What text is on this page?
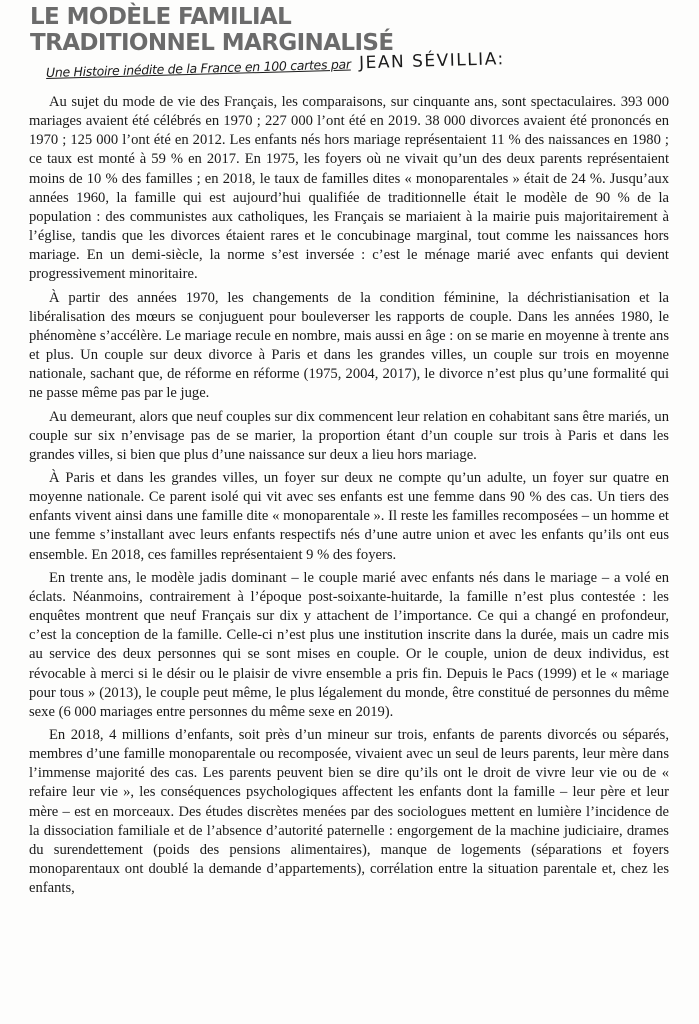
LE MODÈLE FAMILIAL
TRADITIONNEL MARGINALISÉ
Une Histoire inédite de la France en 100 cartes par JEAN SÉVILLIA:

Au sujet du mode de vie des Français, les comparaisons, sur cinquante ans, sont spectaculaires. 393 000 mariages avaient été célébrés en 1970 ; 227 000 l’ont été en 2019. 38 000 divorces avaient été prononcés en 1970 ; 125 000 l’ont été en 2012. Les enfants nés hors mariage représentaient 11 % des naissances en 1980 ; ce taux est monté à 59 % en 2017. En 1975, les foyers où ne vivait qu’un des deux parents représentaient moins de 10 % des familles ; en 2018, le taux de familles dites « monoparentales » était de 24 %. Jusqu’aux années 1960, la famille qui est aujourd’hui qualifiée de traditionnelle était le modèle de 90 % de la population : des communistes aux catholiques, les Français se mariaient à la mairie puis majoritairement à l’église, tandis que les divorces étaient rares et le concubinage marginal, tout comme les naissances hors mariage. En un demi-siècle, la norme s’est inversée : c’est le ménage marié avec enfants qui devient progressivement minoritaire.

À partir des années 1970, les changements de la condition féminine, la déchristianisation et la libéralisation des mœurs se conjuguent pour bouleverser les rapports de couple. Dans les années 1980, le phénomène s’accélère. Le mariage recule en nombre, mais aussi en âge : on se marie en moyenne à trente ans et plus. Un couple sur deux divorce à Paris et dans les grandes villes, un couple sur trois en moyenne nationale, sachant que, de réforme en réforme (1975, 2004, 2017), le divorce n’est plus qu’une formalité qui ne passe même pas par le juge.

Au demeurant, alors que neuf couples sur dix commencent leur relation en cohabitant sans être mariés, un couple sur six n’envisage pas de se marier, la proportion étant d’un couple sur trois à Paris et dans les grandes villes, si bien que plus d’une naissance sur deux a lieu hors mariage.

À Paris et dans les grandes villes, un foyer sur deux ne compte qu’un adulte, un foyer sur quatre en moyenne nationale. Ce parent isolé qui vit avec ses enfants est une femme dans 90 % des cas. Un tiers des enfants vivent ainsi dans une famille dite « monoparentale ». Il reste les familles recomposées – un homme et une femme s’installant avec leurs enfants respectifs nés d’une autre union et avec les enfants qu’ils ont eus ensemble. En 2018, ces familles représentaient 9 % des foyers.

En trente ans, le modèle jadis dominant – le couple marié avec enfants nés dans le mariage – a volé en éclats. Néanmoins, contrairement à l’époque post-soixante-huitarde, la famille n’est plus contestée : les enquêtes montrent que neuf Français sur dix y attachent de l’importance. Ce qui a changé en profondeur, c’est la conception de la famille. Celle-ci n’est plus une institution inscrite dans la durée, mais un cadre mis au service des deux personnes qui se sont mises en couple. Or le couple, union de deux individus, est révocable à merci si le désir ou le plaisir de vivre ensemble a pris fin. Depuis le Pacs (1999) et le « mariage pour tous » (2013), le couple peut même, le plus légalement du monde, être constitué de personnes du même sexe (6 000 mariages entre personnes du même sexe en 2019).

En 2018, 4 millions d’enfants, soit près d’un mineur sur trois, enfants de parents divorcés ou séparés, membres d’une famille monoparentale ou recomposée, vivaient avec un seul de leurs parents, leur mère dans l’immense majorité des cas. Les parents peuvent bien se dire qu’ils ont le droit de vivre leur vie ou de « refaire leur vie », les conséquences psychologiques affectent les enfants dont la famille – leur père et leur mère – est en morceaux. Des études discrètes menées par des sociologues mettent en lumière l’incidence de la dissociation familiale et de l’absence d’autorité paternelle : engorgement de la machine judiciaire, drames du surendettement (poids des pensions alimentaires), manque de logements (séparations et foyers monoparentaux ont doublé la demande d’appartements), corrélation entre la situation parentale et, chez les enfants,
